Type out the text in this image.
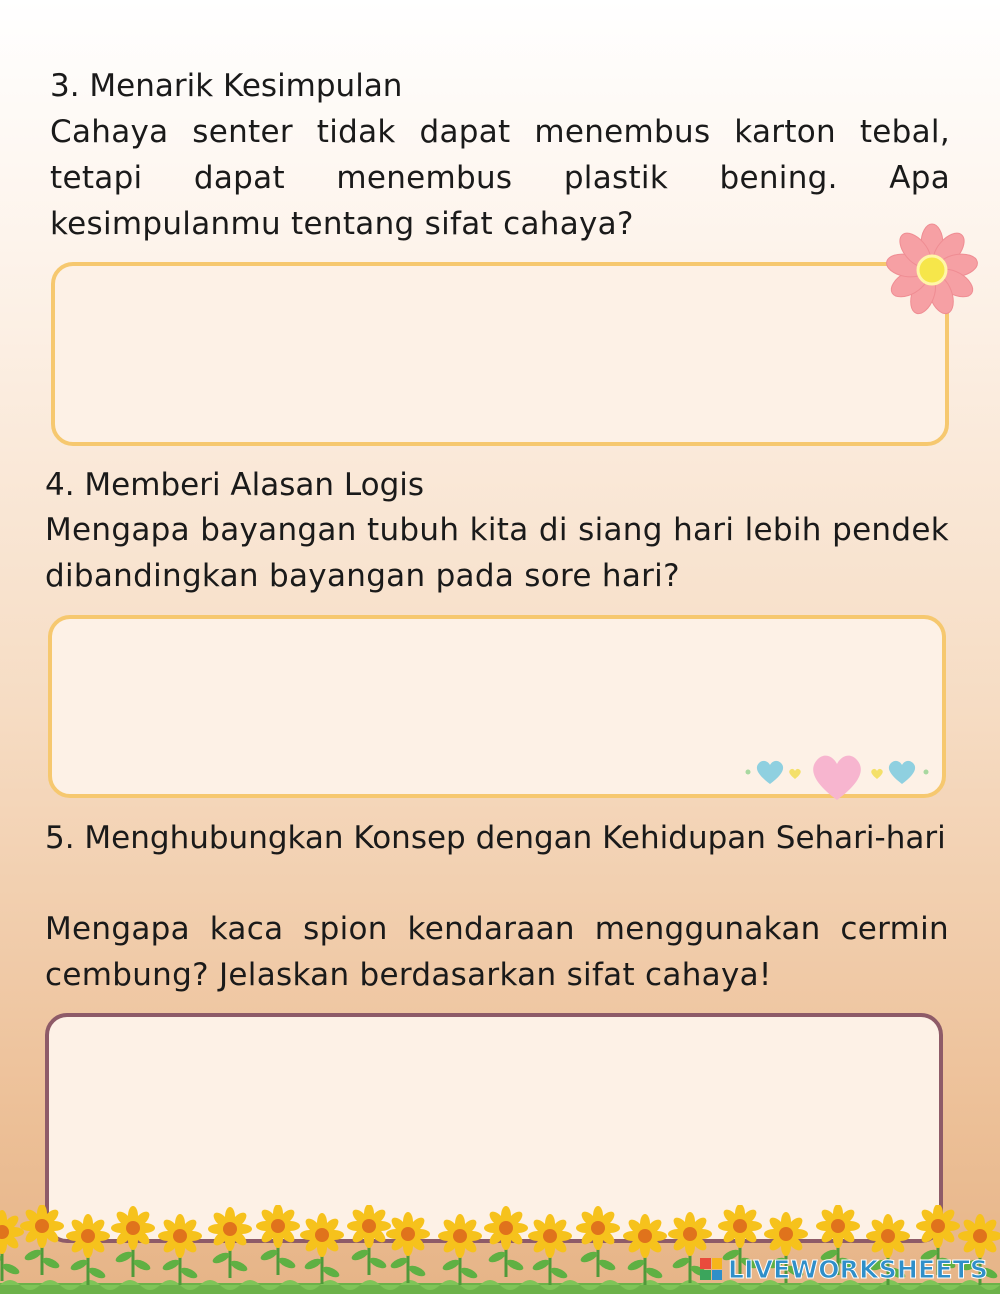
3. Menarik Kesimpulan

Cahaya senter tidak dapat menembus karton tebal, tetapi dapat menembus plastik bening. Apa kesimpulanmu tentang sifat cahaya?

4. Memberi Alasan Logis

Mengapa bayangan tubuh kita di siang hari lebih pendek dibandingkan bayangan pada sore hari?

5. Menghubungkan Konsep dengan Kehidupan Sehari-hari

Mengapa kaca spion kendaraan menggunakan cermin cembung? Jelaskan berdasarkan sifat cahaya!

LIVEWORKSHEETS
